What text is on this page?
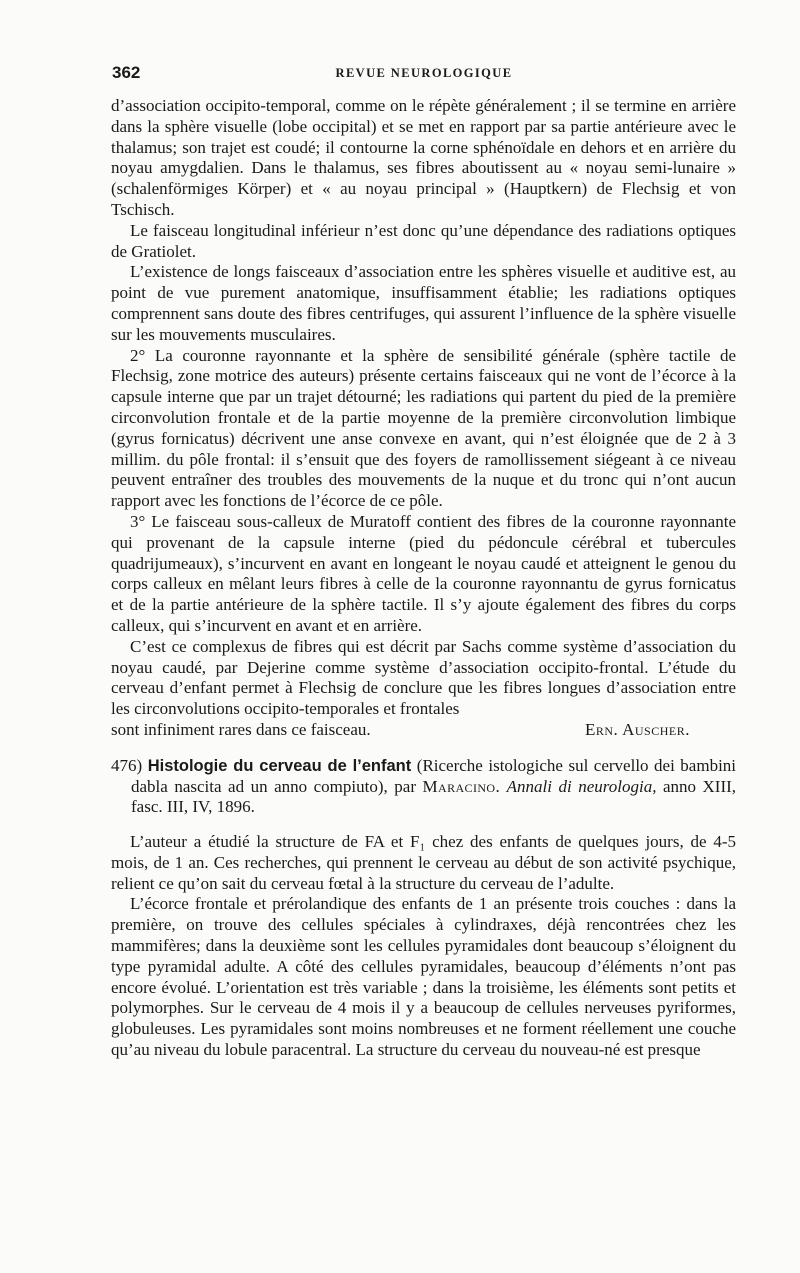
362	REVUE NEUROLOGIQUE

d’association occipito-temporal, comme on le répète généralement ; il se termine en arrière dans la sphère visuelle (lobe occipital) et se met en rapport par sa partie antérieure avec le thalamus; son trajet est coudé; il contourne la corne sphénoïdale en dehors et en arrière du noyau amygdalien. Dans le thalamus, ses fibres aboutissent au « noyau semi-lunaire » (schalenförmiges Körper) et « au noyau principal » (Hauptkern) de Flechsig et von Tschisch.

Le faisceau longitudinal inférieur n’est donc qu’une dépendance des radiations optiques de Gratiolet.

L’existence de longs faisceaux d’association entre les sphères visuelle et auditive est, au point de vue purement anatomique, insuffisamment établie; les radiations optiques comprennent sans doute des fibres centrifuges, qui assurent l’influence de la sphère visuelle sur les mouvements musculaires.

2° La couronne rayonnante et la sphère de sensibilité générale (sphère tactile de Flechsig, zone motrice des auteurs) présente certains faisceaux qui ne vont de l’écorce à la capsule interne que par un trajet détourné; les radiations qui partent du pied de la première circonvolution frontale et de la partie moyenne de la première circonvolution limbique (gyrus fornicatus) décrivent une anse convexe en avant, qui n’est éloignée que de 2 à 3 millim. du pôle frontal: il s’ensuit que des foyers de ramollissement siégeant à ce niveau peuvent entraîner des troubles des mouvements de la nuque et du tronc qui n’ont aucun rapport avec les fonctions de l’écorce de ce pôle.

3° Le faisceau sous-calleux de Muratoff contient des fibres de la couronne rayonnante qui provenant de la capsule interne (pied du pédoncule cérébral et tubercules quadrijumeaux), s’incurvent en avant en longeant le noyau caudé et atteignent le genou du corps calleux en mêlant leurs fibres à celle de la couronne rayonnantu de gyrus fornicatus et de la partie antérieure de la sphère tactile. Il s’y ajoute également des fibres du corps calleux, qui s’incurvent en avant et en arrière.

C’est ce complexus de fibres qui est décrit par Sachs comme système d’association du noyau caudé, par Dejerine comme système d’association occipito-frontal. L’étude du cerveau d’enfant permet à Flechsig de conclure que les fibres longues d’association entre les circonvolutions occipito-temporales et frontales

sont infiniment rares dans ce faisceau.	Ern. Auscher.
476) Histologie du cerveau de l’enfant (Ricerche istologiche sul cervello dei bambini dabla nascita ad un anno compiuto), par Maracino. Annali di neurologia, anno XIII, fasc. III, IV, 1896.

L’auteur a étudié la structure de FA et F₁ chez des enfants de quelques jours, de 4-5 mois, de 1 an. Ces recherches, qui prennent le cerveau au début de son activité psychique, relient ce qu’on sait du cerveau fœtal à la structure du cerveau de l’adulte.

L’écorce frontale et prérolandique des enfants de 1 an présente trois couches : dans la première, on trouve des cellules spéciales à cylindraxes, déjà rencontrées chez les mammifères; dans la deuxième sont les cellules pyramidales dont beaucoup s’éloignent du type pyramidal adulte. A côté des cellules pyramidales, beaucoup d’éléments n’ont pas encore évolué. L’orientation est très variable ; dans la troisième, les éléments sont petits et polymorphes. Sur le cerveau de 4 mois il y a beaucoup de cellules nerveuses pyriformes, globuleuses. Les pyramidales sont moins nombreuses et ne forment réellement une couche qu’au niveau du lobule paracentral. La structure du cerveau du nouveau-né est presque
